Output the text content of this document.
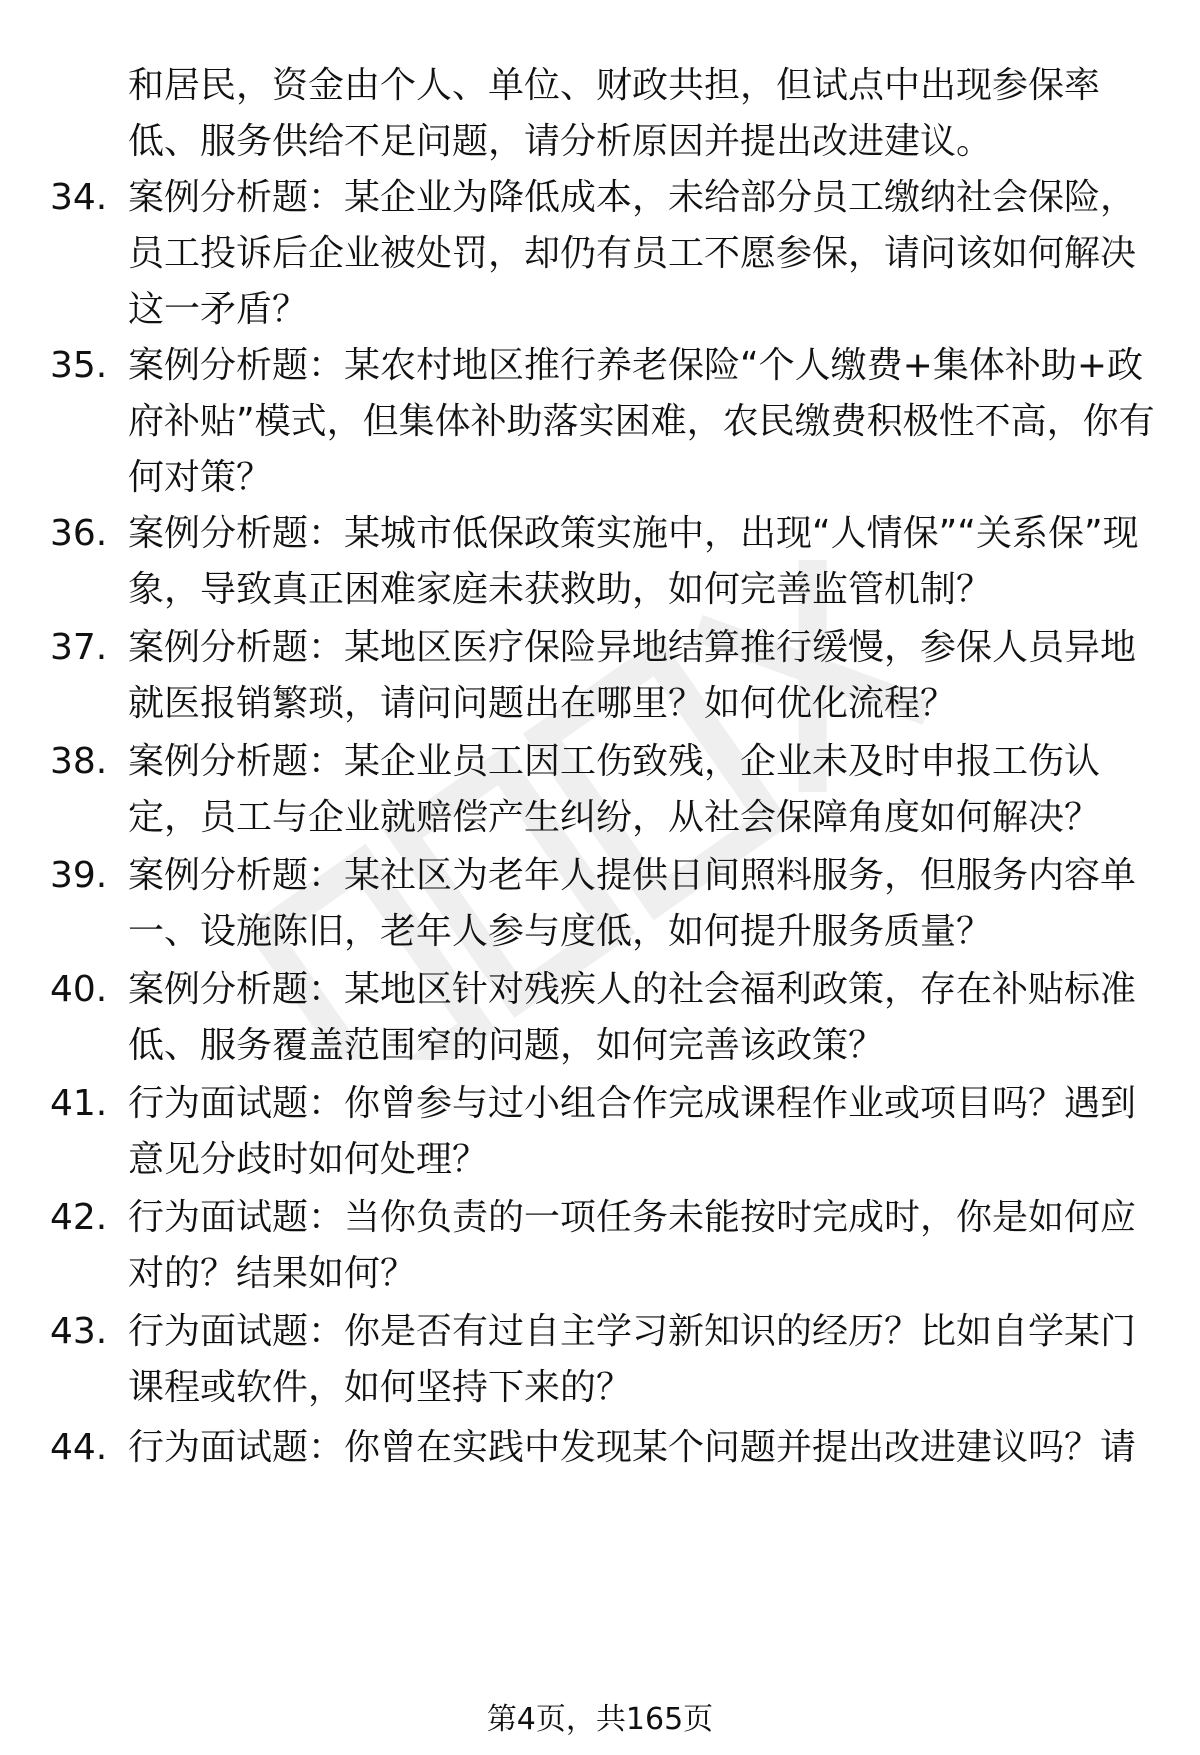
和居民，资金由个人、单位、财政共担，但试点中出现参保率低、服务供给不足问题，请分析原因并提出改进建议。
34. 案例分析题：某企业为降低成本，未给部分员工缴纳社会保险，员工投诉后企业被处罚，却仍有员工不愿参保，请问该如何解决这一矛盾？
35. 案例分析题：某农村地区推行养老保险“个人缴费+集体补助+政府补贴”模式，但集体补助落实困难，农民缴费积极性不高，你有何对策？
36. 案例分析题：某城市低保政策实施中，出现“人情保”“关系保”现象，导致真正困难家庭未获救助，如何完善监管机制？
37. 案例分析题：某地区医疗保险异地结算推行缓慢，参保人员异地就医报销繁琐，请问问题出在哪里？如何优化流程？
38. 案例分析题：某企业员工因工伤致残，企业未及时申报工伤认定，员工与企业就赔偿产生纠纷，从社会保障角度如何解决？
39. 案例分析题：某社区为老年人提供日间照料服务，但服务内容单一、设施陈旧，老年人参与度低，如何提升服务质量？
40. 案例分析题：某地区针对残疾人的社会福利政策，存在补贴标准低、服务覆盖范围窄的问题，如何完善该政策？
41. 行为面试题：你曾参与过小组合作完成课程作业或项目吗？遇到意见分歧时如何处理？
42. 行为面试题：当你负责的一项任务未能按时完成时，你是如何应对的？结果如何？
43. 行为面试题：你是否有过自主学习新知识的经历？比如自学某门课程或软件，如何坚持下来的？
44. 行为面试题：你曾在实践中发现某个问题并提出改进建议吗？请
第4页，共165页
